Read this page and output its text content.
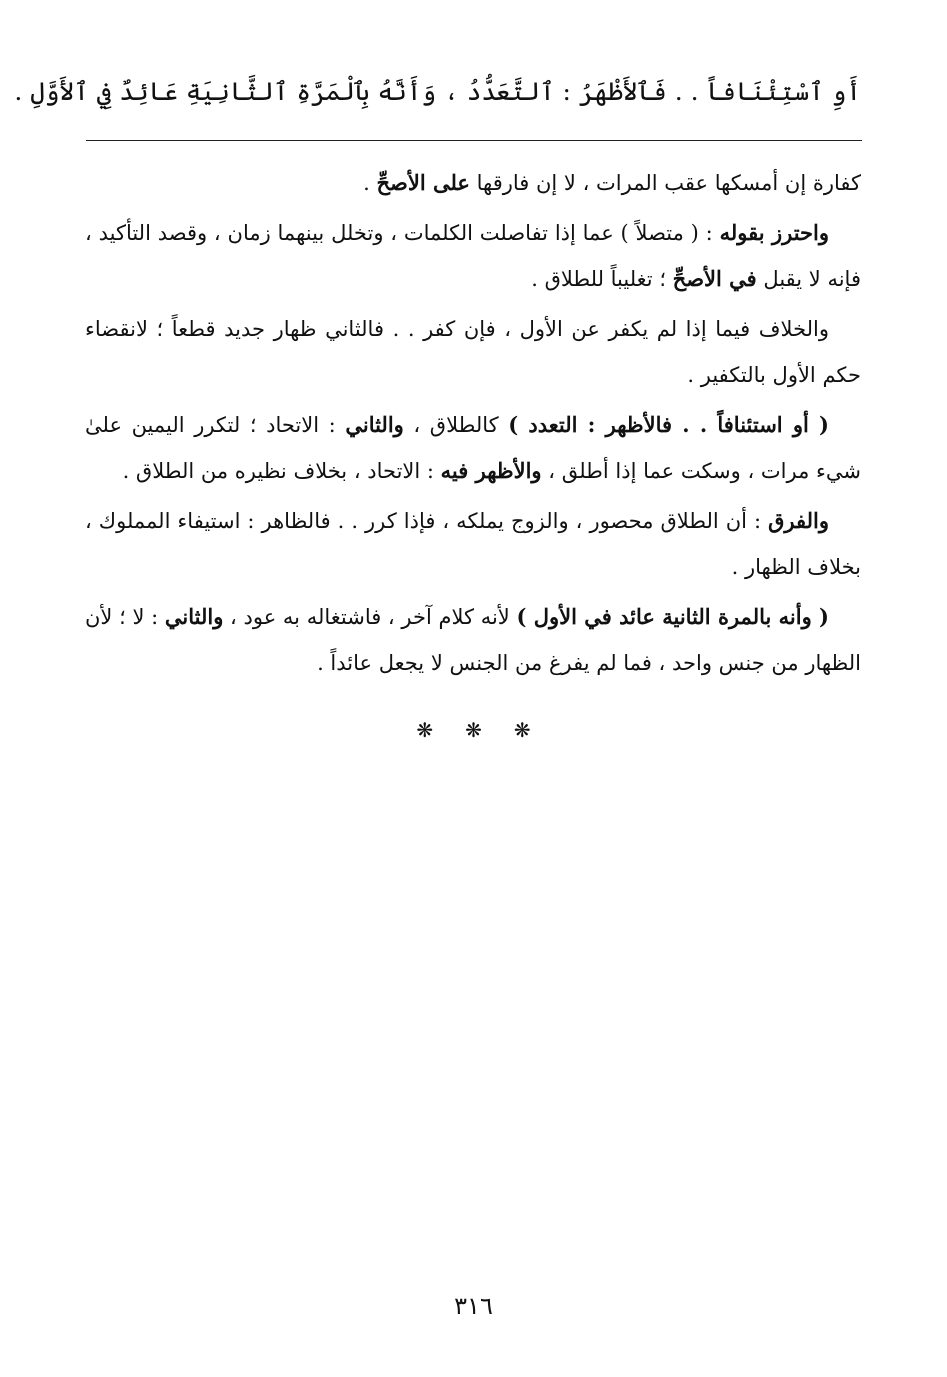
أَوِ ٱسْتِئْنَافاً . . فَٱلأَظْهَرُ : ٱلتَّعَدُّدُ ، وَأَنَّهُ بِٱلْمَرَّةِ ٱلثَّانِيَةِ عَائِدٌ فِي ٱلأَوَّلِ .

كفارة إن أمسكها عقب المرات ، لا إن فارقها على الأصحِّ .

واحترز بقوله : ( متصلاً ) عما إذا تفاصلت الكلمات ، وتخلل بينهما زمان ، وقصد التأكيد ، فإنه لا يقبل في الأصحِّ ؛ تغليباً للطلاق .

والخلاف فيما إذا لم يكفر عن الأول ، فإن كفر . . فالثاني ظهار جديد قطعاً ؛ لانقضاء حكم الأول بالتكفير .

( أو استئنافاً . . فالأظهر : التعدد ) كالطلاق ، والثاني : الاتحاد ؛ لتكرر اليمين علىٰ شيء مرات ، وسكت عما إذا أطلق ، والأظهر فيه : الاتحاد ، بخلاف نظيره من الطلاق .

والفرق : أن الطلاق محصور ، والزوج يملكه ، فإذا كرر . . فالظاهر : استيفاء المملوك ، بخلاف الظهار .

( وأنه بالمرة الثانية عائد في الأول ) لأنه كلام آخر ، فاشتغاله به عود ، والثاني : لا ؛ لأن الظهار من جنس واحد ، فما لم يفرغ من الجنس لا يجعل عائداً .

❋❋❋
٣١٦
